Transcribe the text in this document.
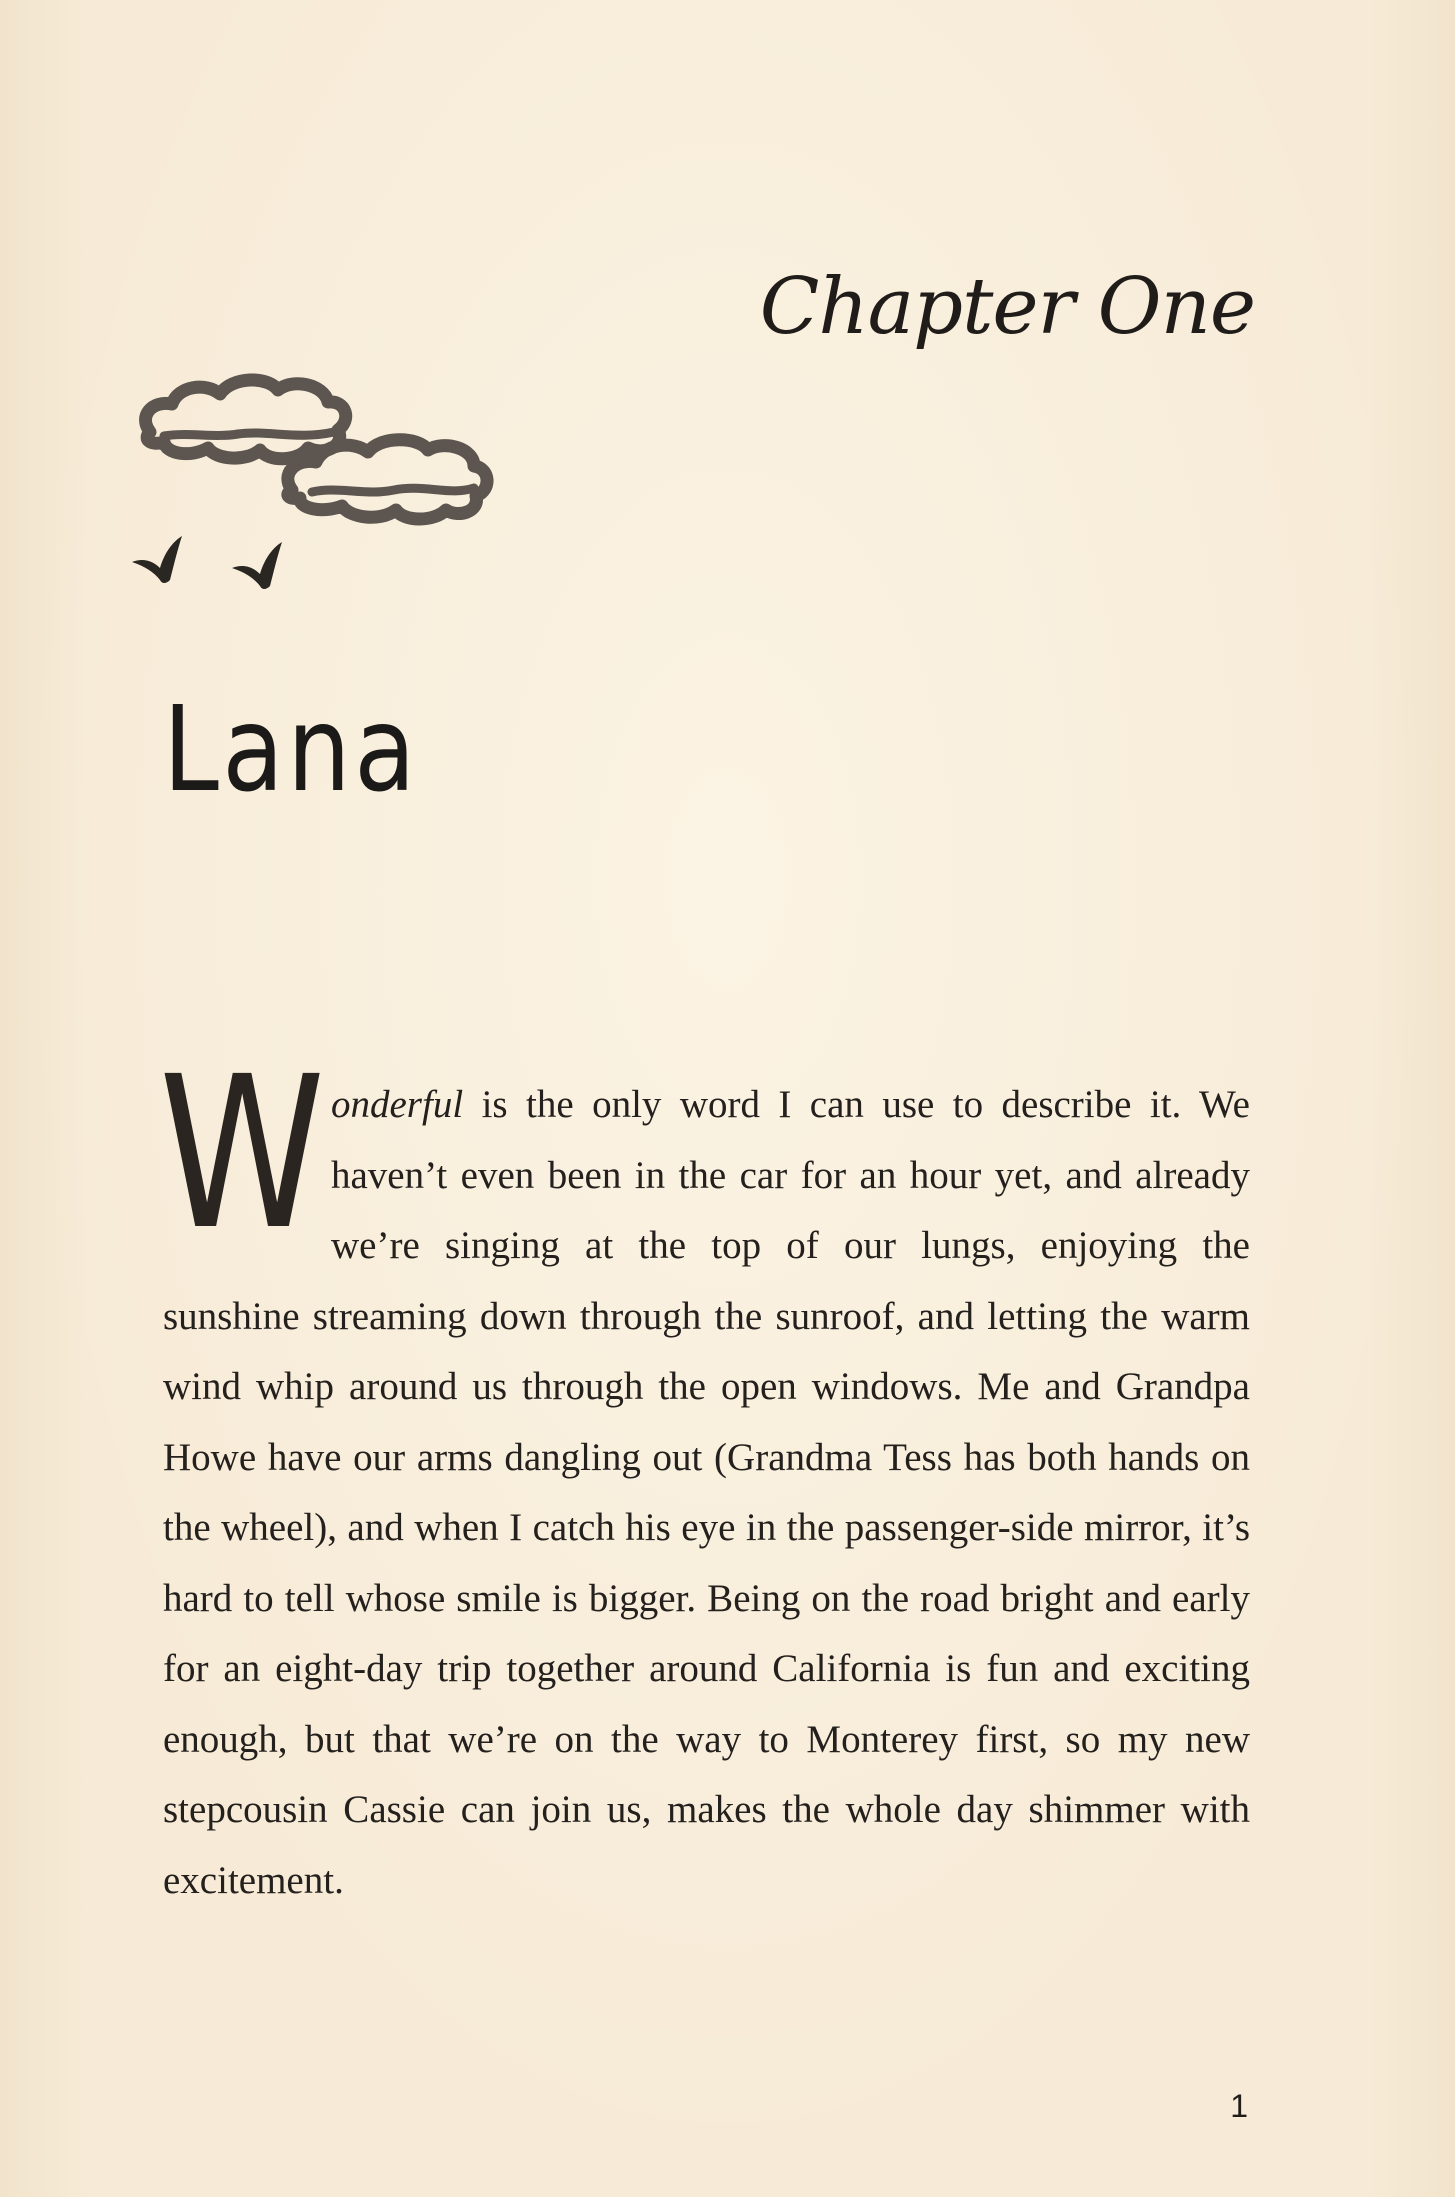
Chapter One
Lana
Wonderful is the only word I can use to describe it. We haven’t even been in the car for an hour yet, and already we’re singing at the top of our lungs, enjoying the sunshine streaming down through the sunroof, and letting the warm wind whip around us through the open windows. Me and Grandpa Howe have our arms dangling out (Grandma Tess has both hands on the wheel), and when I catch his eye in the passenger-side mirror, it’s hard to tell whose smile is bigger. Being on the road bright and early for an eight-day trip together around California is fun and exciting enough, but that we’re on the way to Monterey first, so my new stepcousin Cassie can join us, makes the whole day shimmer with excitement.
1
